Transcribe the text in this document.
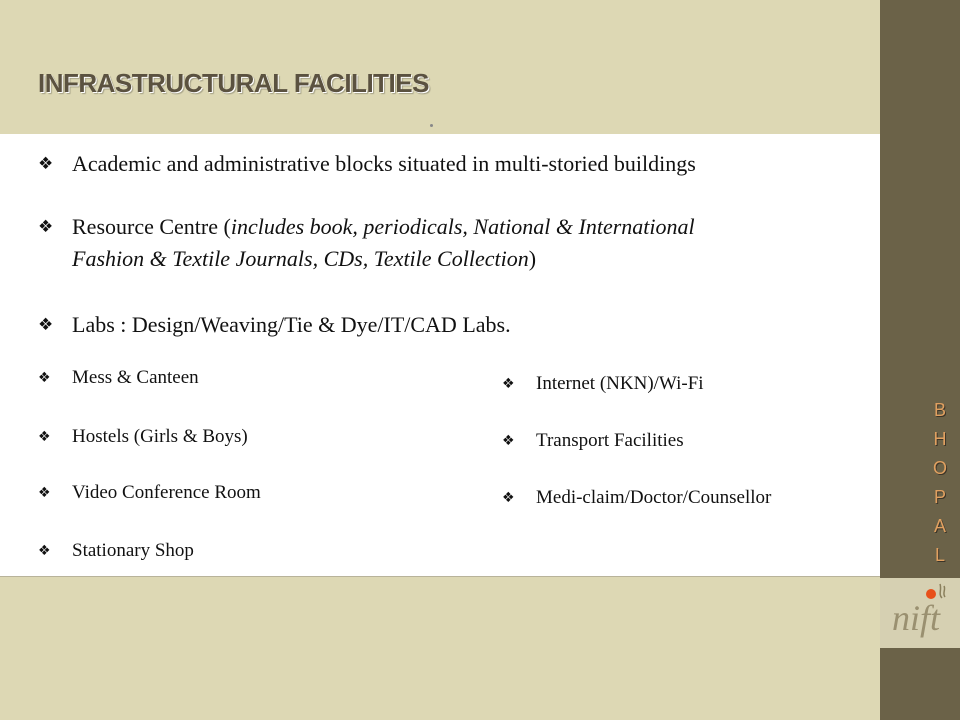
INFRASTRUCTURAL FACILITIES
B
H
O
P
A
L
nift
❖ Academic and administrative blocks situated in multi-storied buildings
❖ Resource Centre (includes book, periodicals, National & International
Fashion & Textile Journals, CDs, Textile Collection)
❖ Labs : Design/Weaving/Tie & Dye/IT/CAD Labs.
❖	Mess & Canteen
❖	Hostels (Girls & Boys)
❖	Video Conference Room
❖	Stationary Shop
❖	Internet (NKN)/Wi-Fi
❖	Transport Facilities
❖	Medi-claim/Doctor/Counsellor
